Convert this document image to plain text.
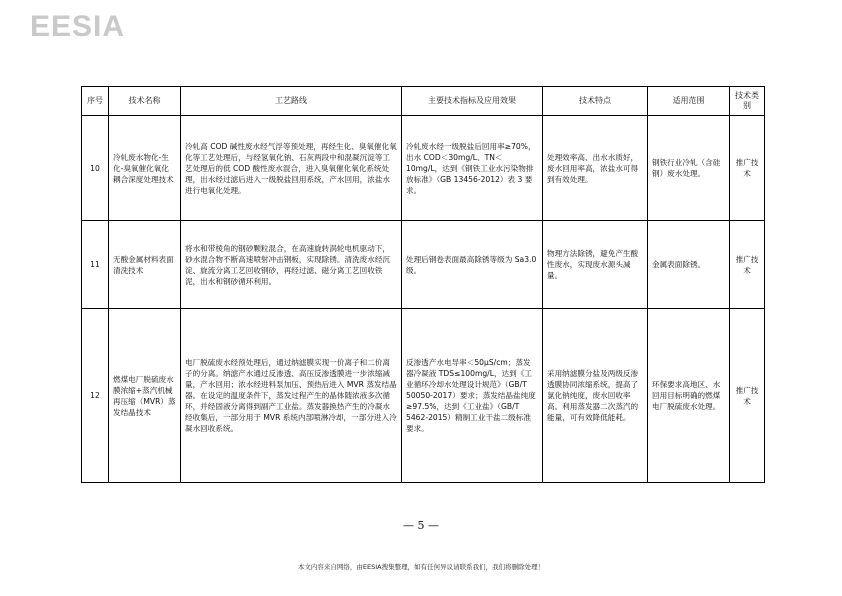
EESIA
序号	技术名称	工艺路线	主要技术指标及应用效果	技术特点	适用范围	技术类别
10	冷轧废水物化-生化-臭氧催化氧化耦合深度处理技术	冷轧高 COD 碱性废水经气浮等预处理，再经生化、臭氧催化氧化等工艺处理后，与经氢氧化钠、石灰两段中和混凝沉淀等工艺处理后的低 COD 酸性废水混合，进入臭氧催化氧化系统处理，出水经过滤后进入一级脱盐回用系统，产水回用，浓盐水进行电氧化处理。	冷轧废水经一级脱盐后回用率≥70%，出水 COD＜30mg/L、TN＜10mg/L，达到《钢铁工业水污染物排放标准》（GB 13456-2012）表 3 要求。	处理效率高、出水水质好，废水回用率高，浓盐水可得到有效处理。	钢铁行业冷轧（含硅钢）废水处理。	推广技术
11	无酸金属材料表面清洗技术	将水和带棱角的钢砂颗粒混合，在高速旋转涡轮电机驱动下，砂水混合物不断高速喷射冲击钢板，实现除锈。清洗废水经沉淀、旋流分离工艺回收钢砂，再经过滤、磁分离工艺回收铁泥，出水和钢砂循环利用。	处理后钢卷表面最高除锈等级为 Sa3.0 级。	物理方法除锈，避免产生酸性废水，实现废水源头减量。	金属表面除锈。	推广技术
12	燃煤电厂脱硫废水膜浓缩+蒸汽机械再压缩（MVR）蒸发结晶技术	电厂脱硫废水经预处理后，通过纳滤膜实现一价离子和二价离子的分离。纳滤产水通过反渗透、高压反渗透膜进一步浓缩减量，产水回用；浓水经进料泵加压、预热后进入 MVR 蒸发结晶器。在设定的温度条件下，蒸发过程产生的晶体随浓液多次循环，并经固液分离得到副产工业盐。蒸发器换热产生的冷凝水经收集后，一部分用于 MVR 系统内部喷淋冷却，一部分进入冷凝水回收系统。	反渗透产水电导率＜50μS/cm；蒸发器冷凝液 TDS≤100mg/L，达到《工业循环冷却水处理设计规范》（GB/T 50050-2017）要求；蒸发结晶盐纯度≥97.5%，达到《工业盐》（GB/T 5462-2015）精制工业干盐二级标准要求。	采用纳滤膜分盐及两级反渗透膜协同浓缩系统，提高了氯化钠纯度，废水回收率高。利用蒸发器二次蒸汽的能量，可有效降低能耗。	环保要求高地区、水回用目标明确的燃煤电厂脱硫废水处理。	推广技术
— 5 —
本文内容来自网络，由EESIA搜集整理，如有任何异议请联系我们，我们将删除处理！
